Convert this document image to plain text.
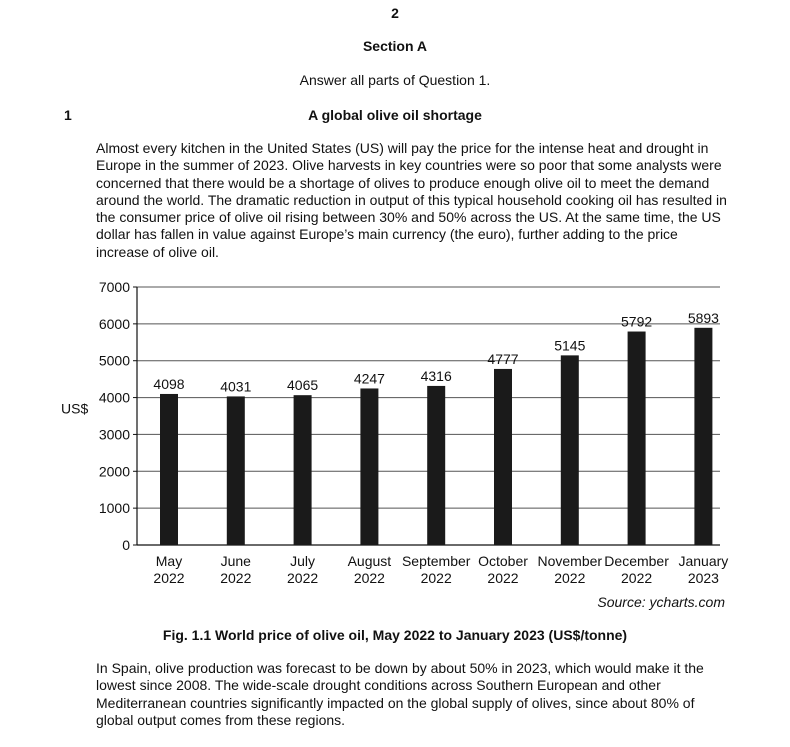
2
Section A
Answer all parts of Question 1.
1	A global olive oil shortage
Almost every kitchen in the United States (US) will pay the price for the intense heat and drought in Europe in the summer of 2023. Olive harvests in key countries were so poor that some analysts were concerned that there would be a shortage of olives to produce enough olive oil to meet the demand around the world. The dramatic reduction in output of this typical household cooking oil has resulted in the consumer price of olive oil rising between 30% and 50% across the US. At the same time, the US dollar has fallen in value against Europe’s main currency (the euro), further adding to the price increase of olive oil.
0
1000
2000
3000
4000
5000
6000
7000
US$
4098
May
2022
4031
June
2022
4065
July
2022
4247
August
2022
4316
September
2022
4777
October
2022
5145
November
2022
5792
December
2022
5893
January
2023
Source: ycharts.com
Fig. 1.1 World price of olive oil, May 2022 to January 2023 (US$/tonne)
In Spain, olive production was forecast to be down by about 50% in 2023, which would make it the lowest since 2008. The wide-scale drought conditions across Southern European and other Mediterranean countries significantly impacted on the global supply of olives, since about 80% of global output comes from these regions.
